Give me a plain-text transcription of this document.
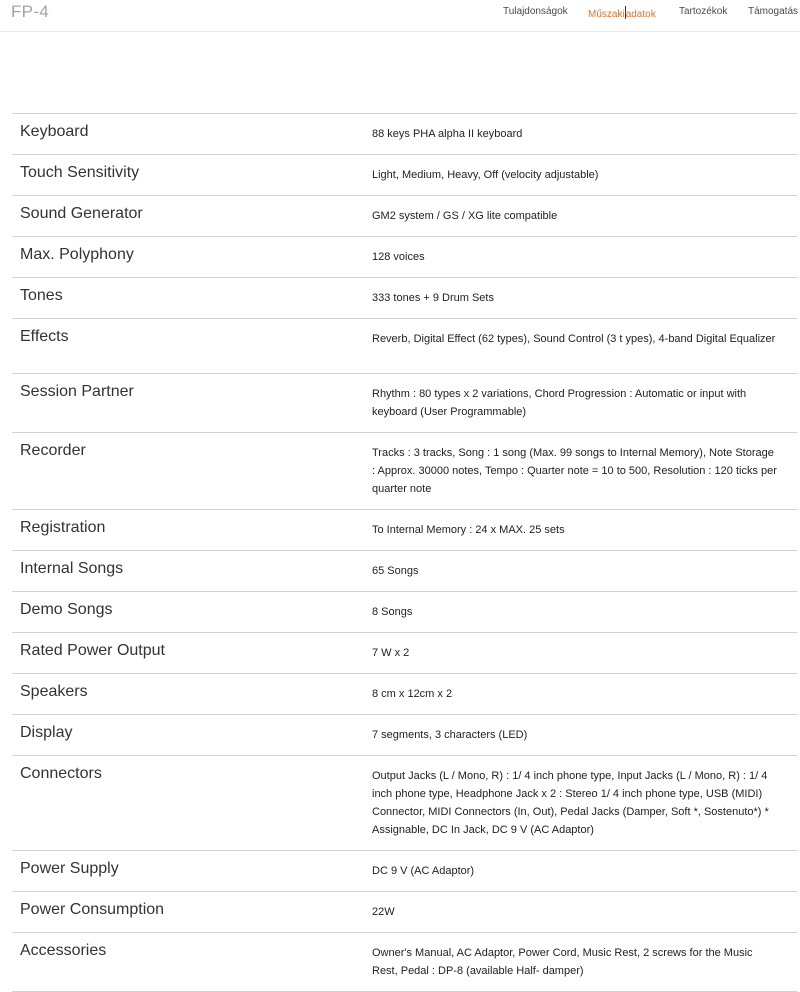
FP-4	Tulajdonságok Műszakiadatok Tartozékok Támogatás
Keyboard	88 keys PHA alpha II keyboard
Touch Sensitivity	Light, Medium, Heavy, Off (velocity adjustable)
Sound Generator	GM2 system / GS / XG lite compatible
Max. Polyphony	128 voices
Tones	333 tones + 9 Drum Sets
Effects	Reverb, Digital Effect (62 types), Sound Control (3 t ypes), 4-band Digital Equalizer
Session Partner	Rhythm : 80 types x 2 variations, Chord Progression : Automatic or input with keyboard (User Programmable)
Recorder	Tracks : 3 tracks, Song : 1 song (Max. 99 songs to Internal Memory), Note Storage : Approx. 30000 notes, Tempo : Quarter note = 10 to 500, Resolution : 120 ticks per quarter note
Registration	To Internal Memory : 24 x MAX. 25 sets
Internal Songs	65 Songs
Demo Songs	8 Songs
Rated Power Output	7 W x 2
Speakers	8 cm x 12cm x 2
Display	7 segments, 3 characters (LED)
Connectors	Output Jacks (L / Mono, R) : 1/ 4 inch phone type, Input Jacks (L / Mono, R) : 1/ 4 inch phone type, Headphone Jack x 2 : Stereo 1/ 4 inch phone type, USB (MIDI) Connector, MIDI Connectors (In, Out), Pedal Jacks (Damper, Soft *, Sostenuto*) * Assignable, DC In Jack, DC 9 V (AC Adaptor)
Power Supply	DC 9 V (AC Adaptor)
Power Consumption	22W
Accessories	Owner's Manual, AC Adaptor, Power Cord, Music Rest, 2 screws for the Music Rest, Pedal : DP-8 (available Half- damper)
